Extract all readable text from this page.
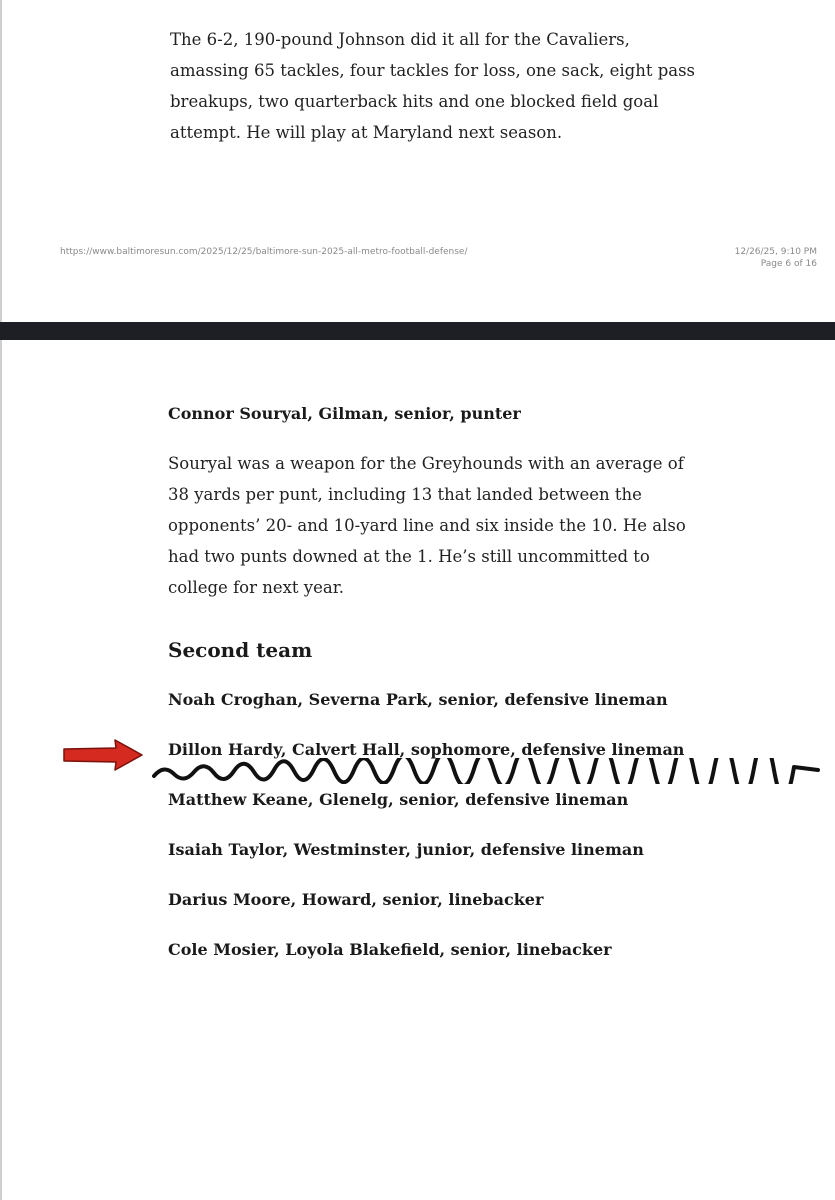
The 6-2, 190-pound Johnson did it all for the Cavaliers, amassing 65 tackles, four tackles for loss, one sack, eight pass breakups, two quarterback hits and one blocked field goal attempt. He will play at Maryland next season.

https://www.baltimoresun.com/2025/12/25/baltimore-sun-2025-all-metro-football-defense/	12/26/25, 9:10 PM
Page 6 of 16

Connor Souryal, Gilman, senior, punter

Souryal was a weapon for the Greyhounds with an average of 38 yards per punt, including 13 that landed between the opponents’ 20- and 10-yard line and six inside the 10. He also had two punts downed at the 1. He’s still uncommitted to college for next year.

Second team

Noah Croghan, Severna Park, senior, defensive lineman

Dillon Hardy, Calvert Hall, sophomore, defensive lineman

Matthew Keane, Glenelg, senior, defensive lineman

Isaiah Taylor, Westminster, junior, defensive lineman

Darius Moore, Howard, senior, linebacker

Cole Mosier, Loyola Blakefield, senior, linebacker
